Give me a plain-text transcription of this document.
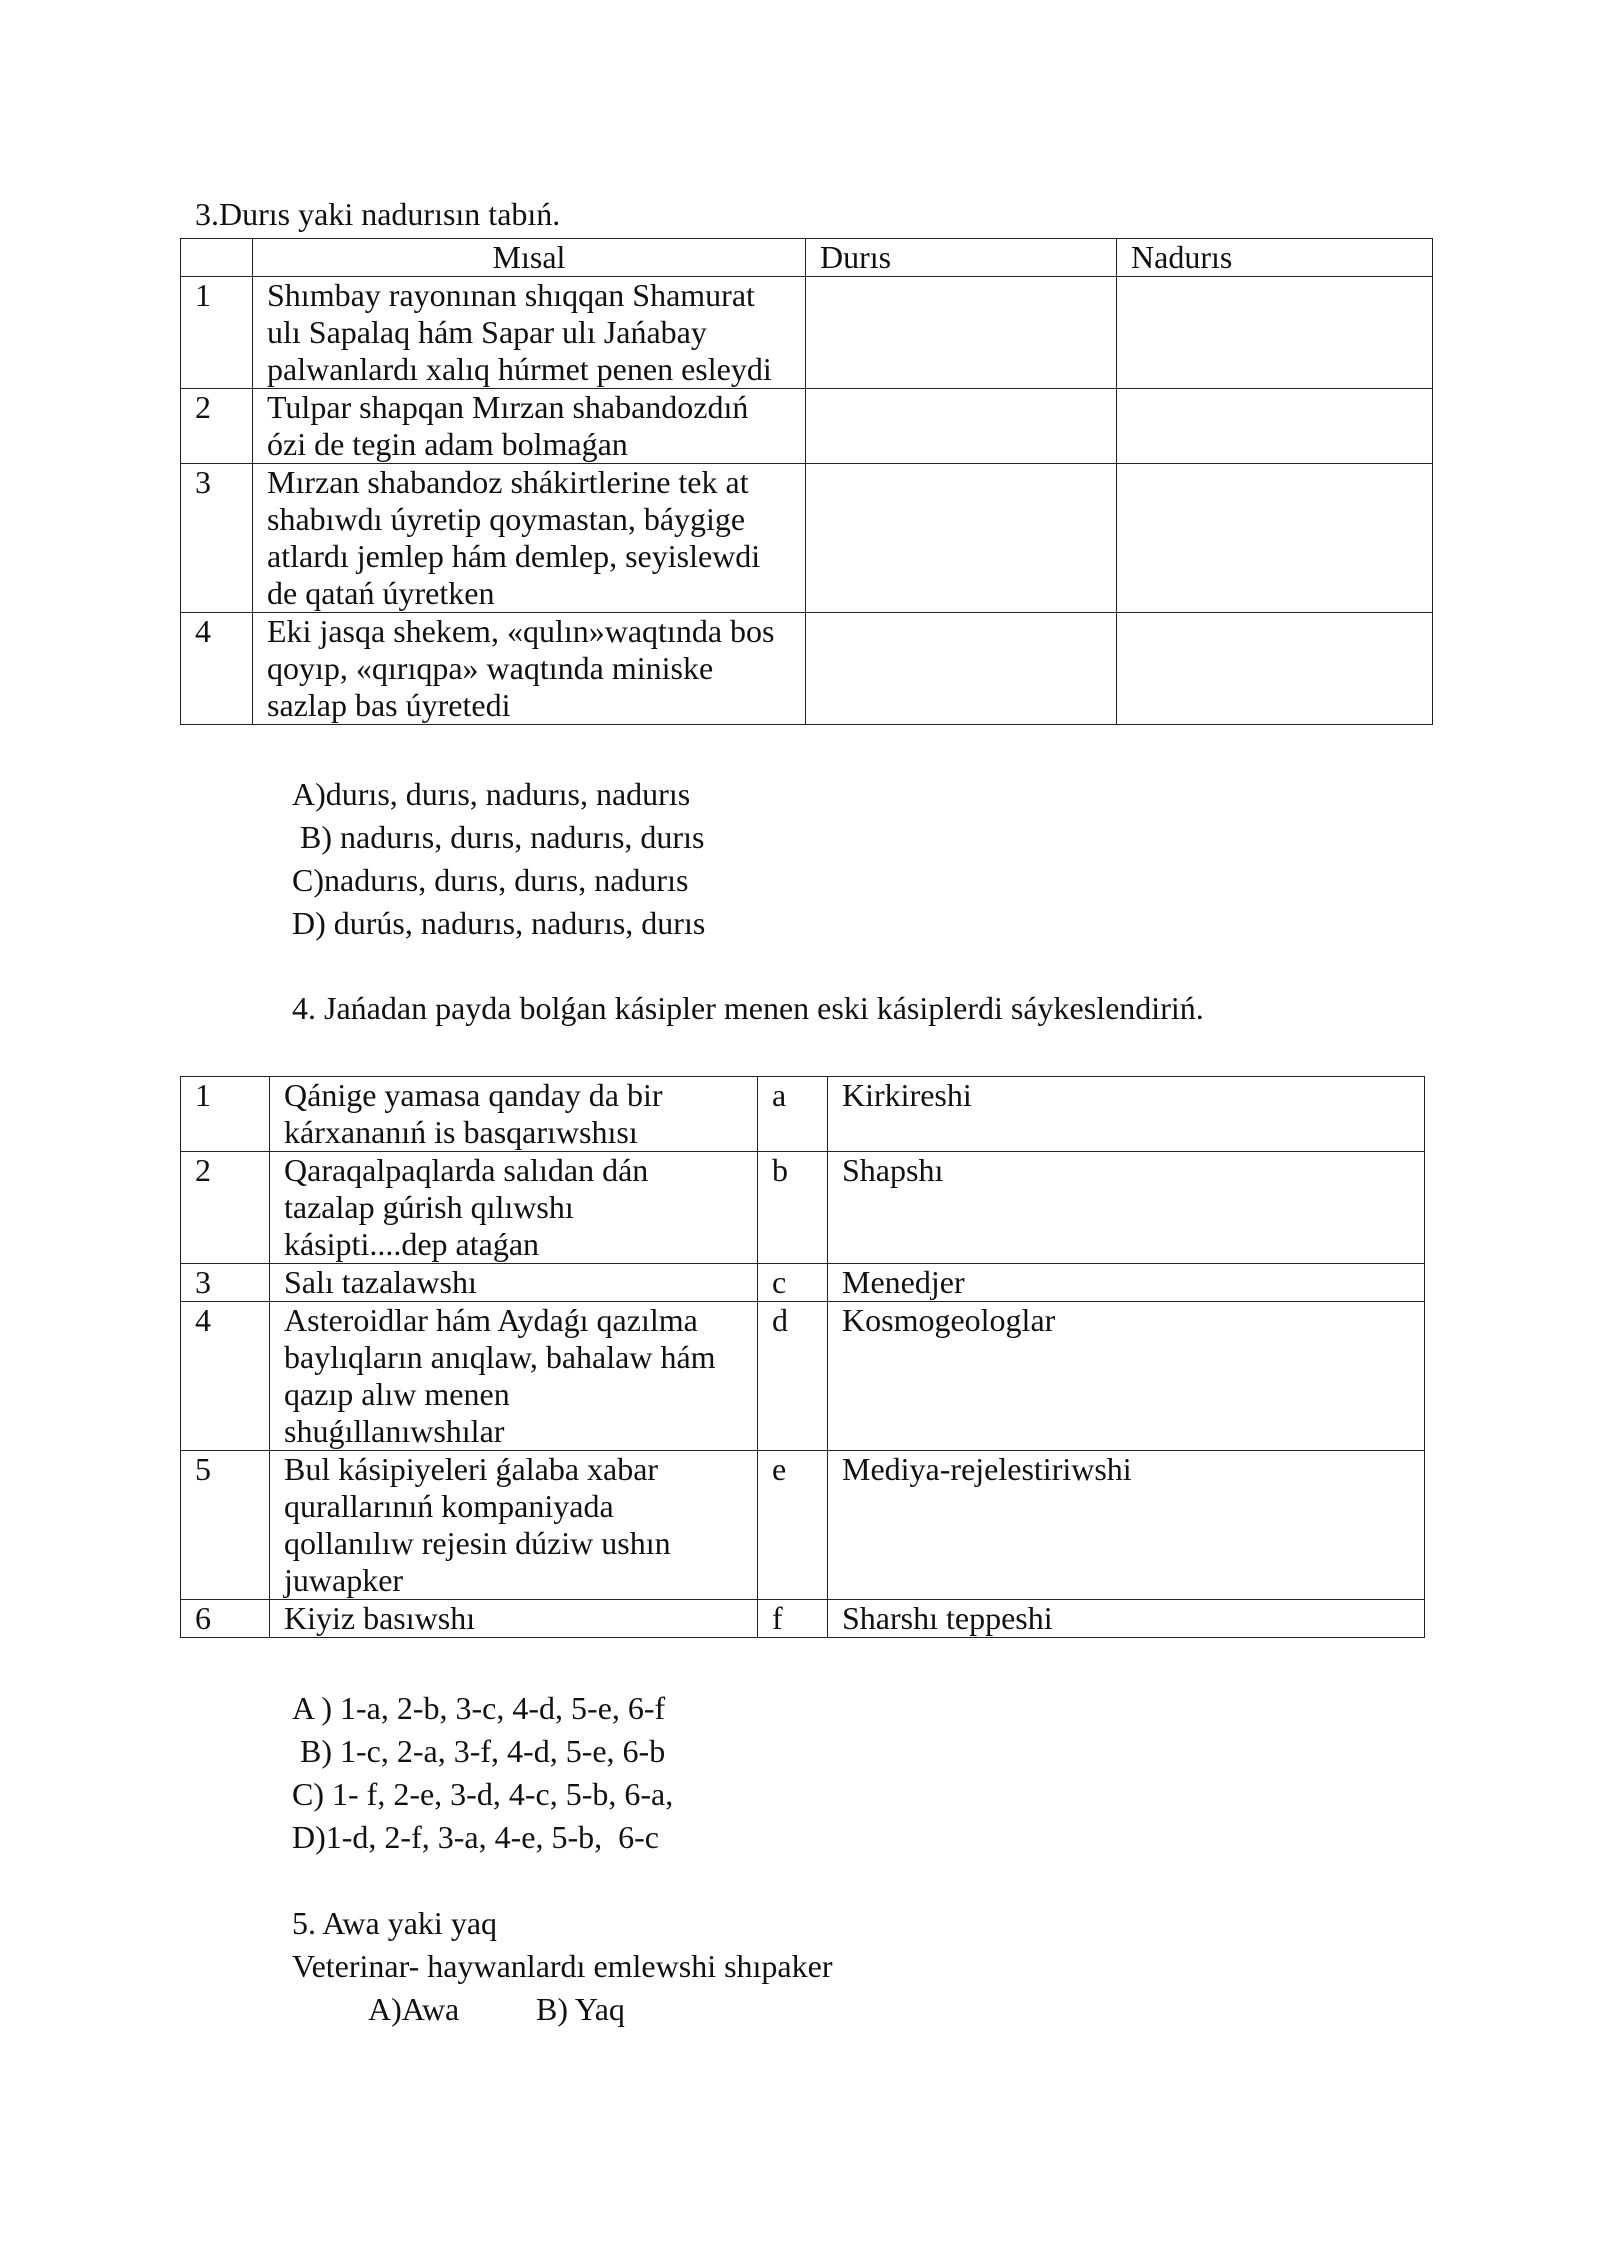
3.Durıs yaki nadurısın tabıń.
	Mısal	Durıs	Nadurıs
1	Shımbay rayonınan shıqqan Shamurat
ulı Sapalaq hám Sapar ulı Jańabay
palwanlardı xalıq húrmet penen esleydi		

2	Tulpar shapqan Mırzan shabandozdıń
ózi de tegin adam bolmaǵan		

3	Mırzan shabandoz shákirtlerine tek at
shabıwdı úyretip qoymastan, báygige
atlardı jemlep hám demlep, seyislewdi
de qatań úyretken		

4	Eki jasqa shekem, «qulın»waqtında bos
qoyıp, «qırıqpa» waqtında miniske
sazlap bas úyretedi		

A)durıs, durıs, nadurıs, nadurıs
B) nadurıs, durıs, nadurıs, durıs
C)nadurıs, durıs, durıs, nadurıs
D) durús, nadurıs, nadurıs, durıs
4. Jańadan payda bolǵan kásipler menen eski kásiplerdi sáykeslendiriń.
1	Qánige yamasa qanday da bir
kárxananıń is basqarıwshısı	a	Kirkireshi
2	Qaraqalpaqlarda salıdan dán
tazalap gúrish qılıwshı
kásipti....dep ataǵan	b	Shapshı
3	Salı tazalawshı	c	Menedjer
4	Asteroidlar hám Aydaǵı qazılma
baylıqların anıqlaw, bahalaw hám
qazıp alıw menen
shuǵıllanıwshılar	d	Kosmogeologlar
5	Bul kásipiyeleri ǵalaba xabar
qurallarınıń kompaniyada
qollanılıw rejesin dúziw ushın
juwapker	e	Mediya-rejelestiriwshi
6	Kiyiz basıwshı	f	Sharshı teppeshi
A ) 1-a, 2-b, 3-c, 4-d, 5-e, 6-f
B) 1-c, 2-a, 3-f, 4-d, 5-e, 6-b
C) 1- f, 2-e, 3-d, 4-c, 5-b, 6-a,
D)1-d, 2-f, 3-a, 4-e, 5-b,  6-c
5. Awa yaki yaq
Veterinar- haywanlardı emlewshi shıpaker
A)Awa B) Yaq
